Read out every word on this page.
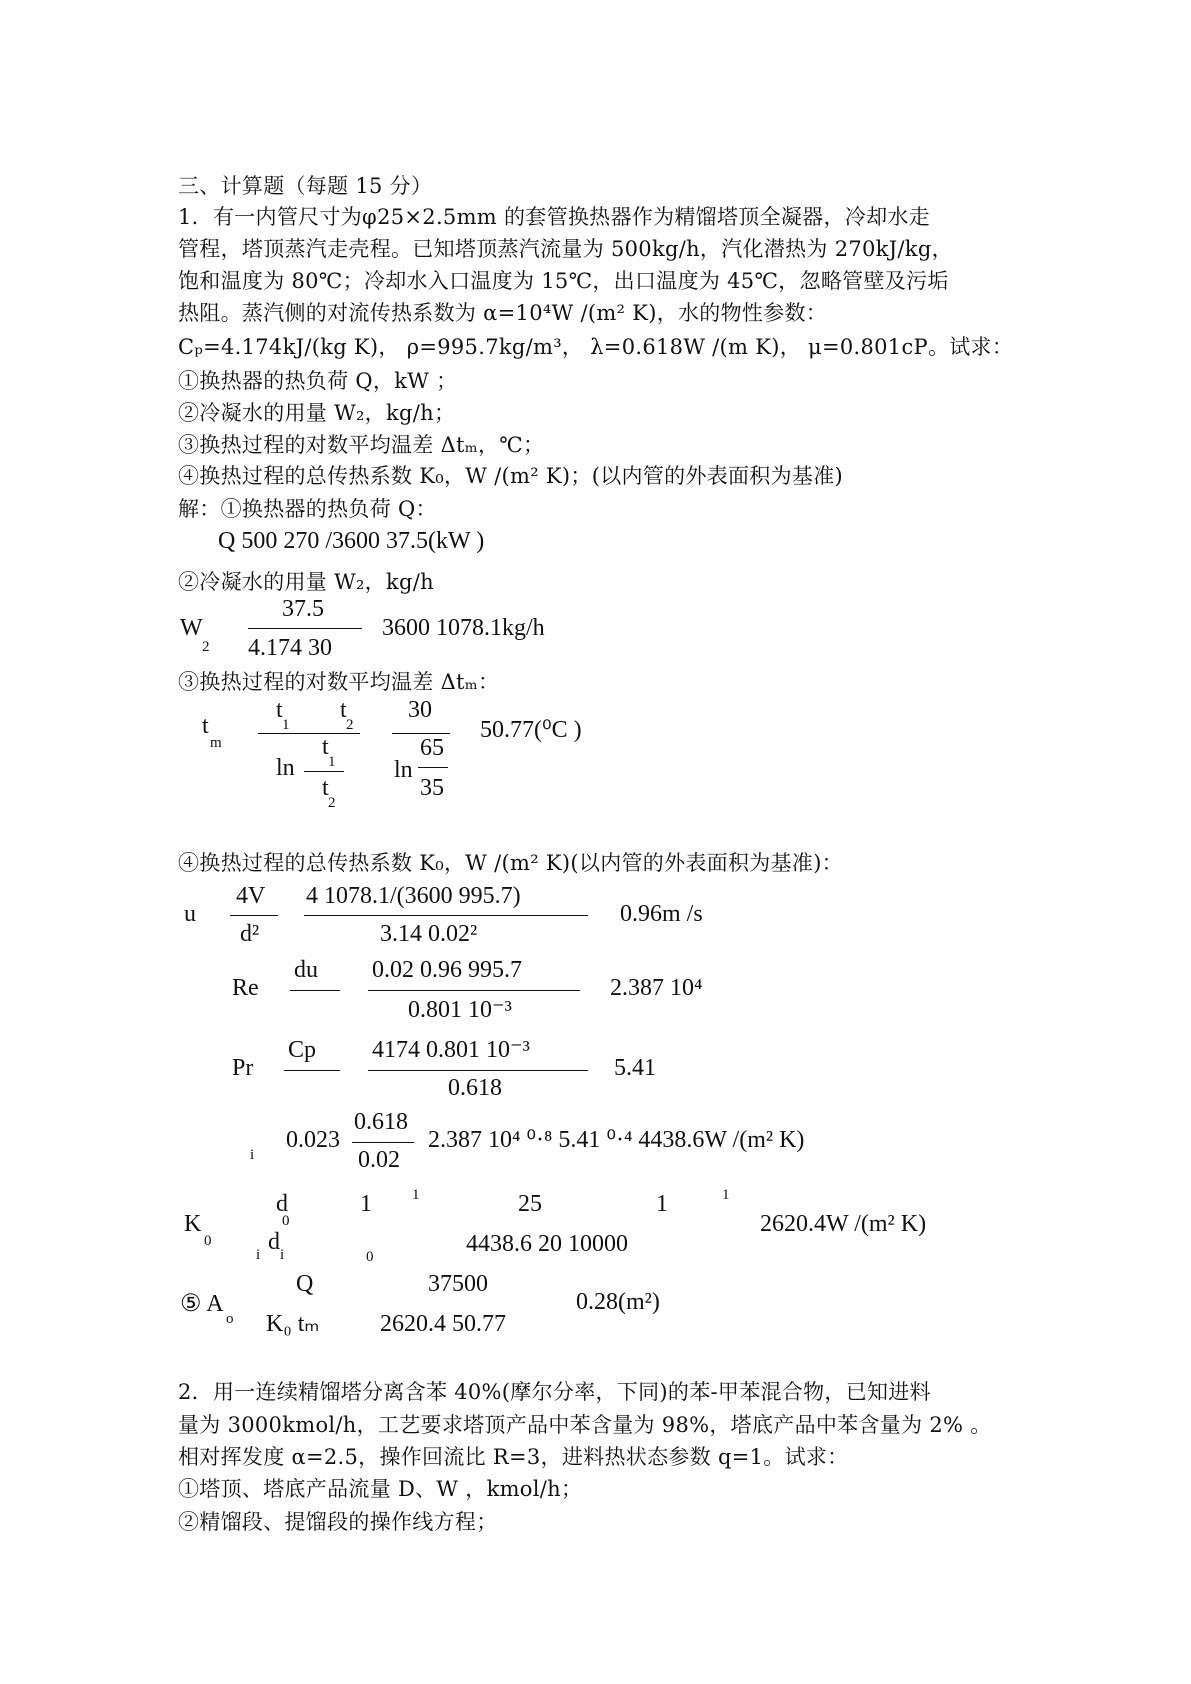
三、计算题（每题 15 分）
1．有一内管尺寸为φ25×2.5mm 的套管换热器作为精馏塔顶全凝器，冷却水走
管程，塔顶蒸汽走壳程。已知塔顶蒸汽流量为 500kg/h，汽化潜热为 270kJ/kg，
饱和温度为 80℃；冷却水入口温度为 15℃，出口温度为 45℃，忽略管壁及污垢
热阻。蒸汽侧的对流传热系数为 α=10⁴W /(m² K)，水的物性参数：
Cₚ=4.174kJ/(kg K)， ρ=995.7kg/m³， λ=0.618W /(m K)， μ=0.801cP。试求：
①换热器的热负荷 Q，kW ；
②冷凝水的用量 W₂，kg/h；
③换热过程的对数平均温差 Δtₘ，℃；
④换热过程的总传热系数 K₀，W /(m² K)；(以内管的外表面积为基准)
解：①换热器的热负荷 Q：
Q 500 270 /3600 37.5(kW )
②冷凝水的用量 W₂，kg/h
W
2
37.5
4.174 30
3600 1078.1kg/h
③换热过程的对数平均温差 Δtₘ：
t
m
t
1
t
2
ln
t
1
t
2
30
ln
65
35
50.77(⁰C )
④换热过程的总传热系数 K₀，W /(m² K)(以内管的外表面积为基准)：
u
4V
d²
4 1078.1/(3600 995.7)
3.14 0.02²
0.96m /s
Re
du 0.02 0.96 995.7
0.801 10⁻³
2.387 10⁴
Pr
Cp 4174 0.801 10⁻³
0.618
5.41
i
0.023
0.618
0.02
2.387 10⁴ ⁰·⁸ 5.41 ⁰·⁴ 4438.6W /(m² K)
K
0
d
0
1	1
i d i	0
25	1	1
4438.6 20 10000
2620.4W /(m² K)
⑤ A
o
Q
K₀ tₘ
37500
2620.4 50.77
0.28(m²)
2．用一连续精馏塔分离含苯 40%(摩尔分率，下同)的苯-甲苯混合物，已知进料
量为 3000kmol/h，工艺要求塔顶产品中苯含量为 98%，塔底产品中苯含量为 2% 。
相对挥发度 α=2.5，操作回流比 R=3，进料热状态参数 q=1。试求：
①塔顶、塔底产品流量 D、W ，kmol/h；
②精馏段、提馏段的操作线方程；
